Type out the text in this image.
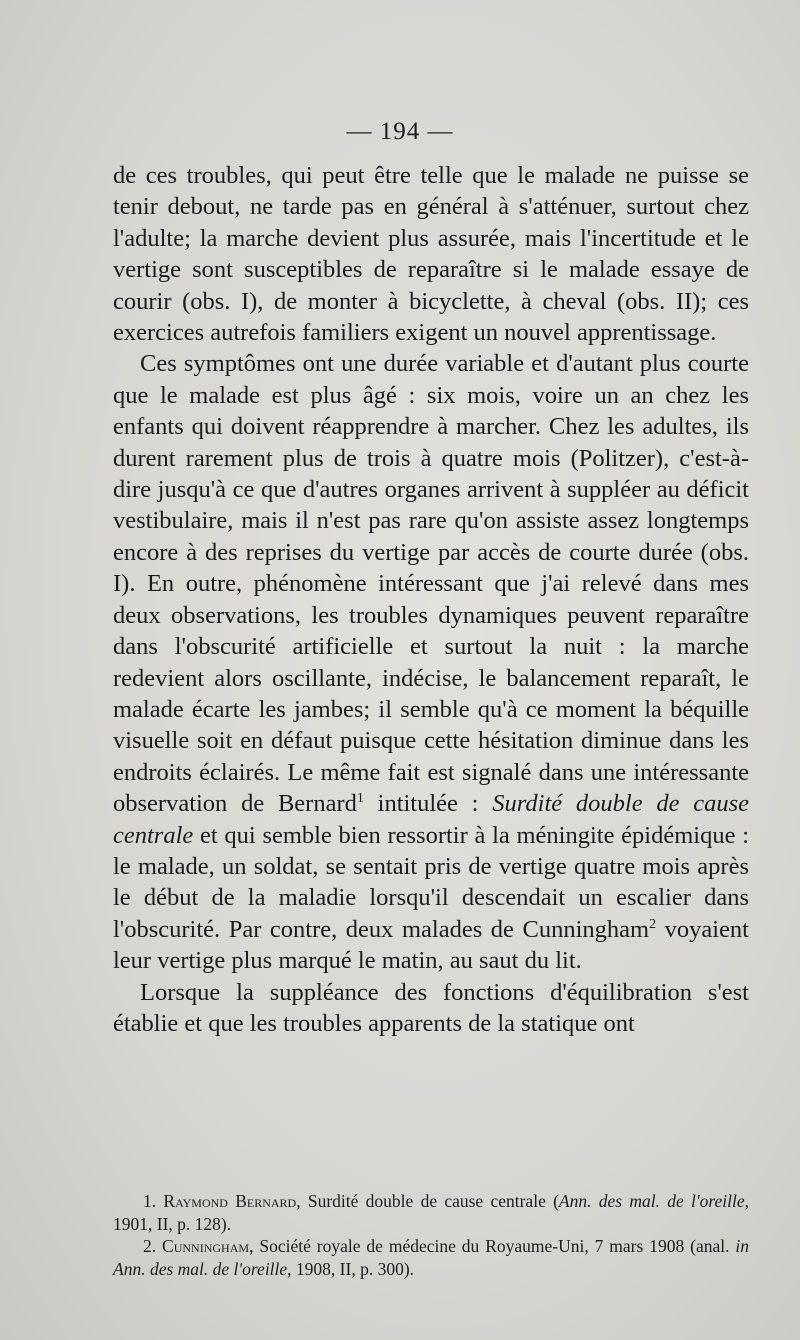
— 194 —

de ces troubles, qui peut être telle que le malade ne puisse se tenir debout, ne tarde pas en général à s'atténuer, surtout chez l'adulte; la marche devient plus assurée, mais l'incertitude et le vertige sont susceptibles de reparaître si le malade essaye de courir (obs. I), de monter à bicyclette, à cheval (obs. II); ces exercices autrefois familiers exigent un nouvel apprentissage.

Ces symptômes ont une durée variable et d'autant plus courte que le malade est plus âgé : six mois, voire un an chez les enfants qui doivent réapprendre à marcher. Chez les adultes, ils durent rarement plus de trois à quatre mois (Politzer), c'est-à-dire jusqu'à ce que d'autres organes arrivent à suppléer au déficit vestibulaire, mais il n'est pas rare qu'on assiste assez longtemps encore à des reprises du vertige par accès de courte durée (obs. I). En outre, phénomène intéressant que j'ai relevé dans mes deux observations, les troubles dynamiques peuvent reparaître dans l'obscurité artificielle et surtout la nuit : la marche redevient alors oscillante, indécise, le balancement reparaît, le malade écarte les jambes; il semble qu'à ce moment la béquille visuelle soit en défaut puisque cette hésitation diminue dans les endroits éclairés. Le même fait est signalé dans une intéressante observation de Bernard$^1$ intitulée : Surdité double de cause centrale et qui semble bien ressortir à la méningite épidémique : le malade, un soldat, se sentait pris de vertige quatre mois après le début de la maladie lorsqu'il descendait un escalier dans l'obscurité. Par contre, deux malades de Cunningham$^2$ voyaient leur vertige plus marqué le matin, au saut du lit.

Lorsque la suppléance des fonctions d'équilibration s'est établie et que les troubles apparents de la statique ont

1. Raymond Bernard, Surdité double de cause centrale (Ann. des mal. de l'oreille, 1901, II, p. 128).

2. Cunningham, Société royale de médecine du Royaume-Uni, 7 mars 1908 (anal. in Ann. des mal. de l'oreille, 1908, II, p. 300).
